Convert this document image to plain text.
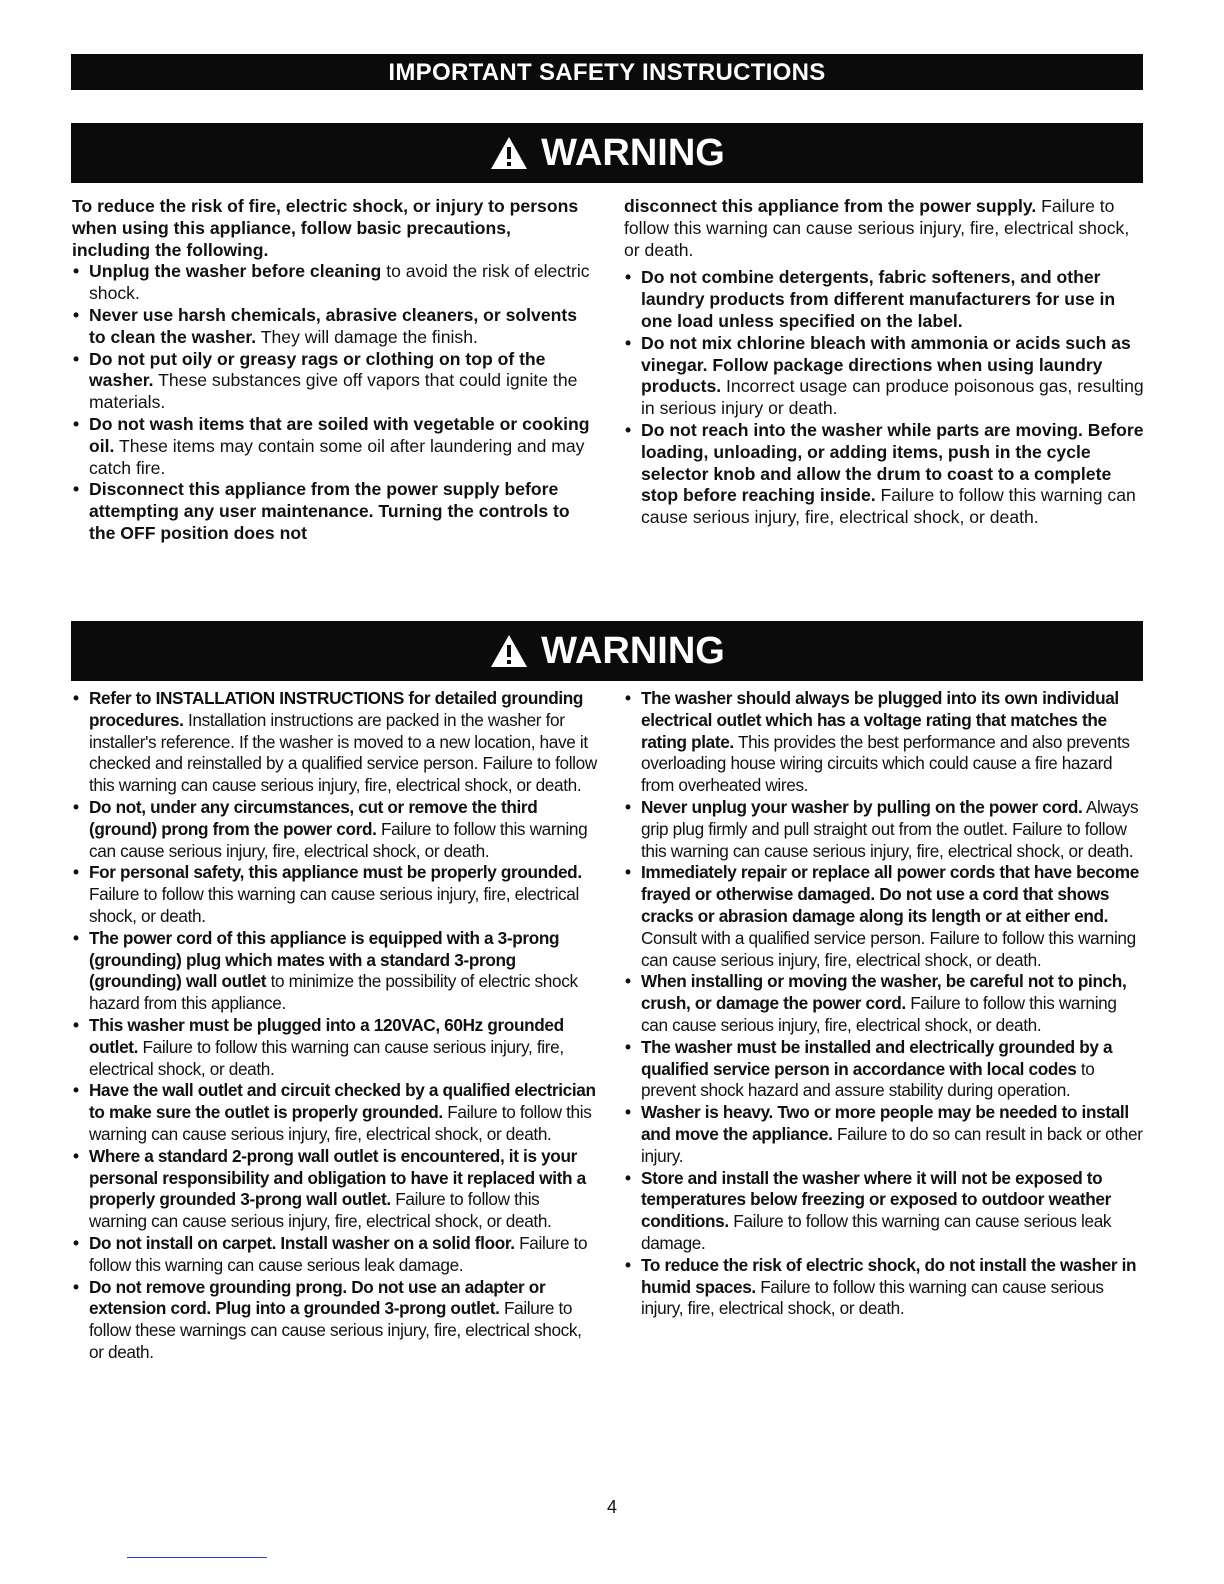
IMPORTANT SAFETY INSTRUCTIONS
WARNING

To reduce the risk of fire, electric shock, or injury to persons when using this appliance, follow basic precautions, including the following.

• Unplug the washer before cleaning to avoid the risk of electric shock.

• Never use harsh chemicals, abrasive cleaners, or solvents to clean the washer. They will damage the finish.

• Do not put oily or greasy rags or clothing on top of the washer. These substances give off vapors that could ignite the materials.

• Do not wash items that are soiled with vegetable or cooking oil. These items may contain some oil after laundering and may catch fire.

• Disconnect this appliance from the power supply before attempting any user maintenance. Turning the controls to the OFF position does not

disconnect this appliance from the power supply. Failure to follow this warning can cause serious injury, fire, electrical shock, or death.

• Do not combine detergents, fabric softeners, and other laundry products from different manufacturers for use in one load unless specified on the label.

• Do not mix chlorine bleach with ammonia or acids such as vinegar. Follow package directions when using laundry products. Incorrect usage can produce poisonous gas, resulting in serious injury or death.

• Do not reach into the washer while parts are moving. Before loading, unloading, or adding items, push in the cycle selector knob and allow the drum to coast to a complete stop before reaching inside. Failure to follow this warning can cause serious injury, fire, electrical shock, or death.

WARNING

• Refer to INSTALLATION INSTRUCTIONS for detailed grounding procedures. Installation instructions are packed in the washer for installer's reference. If the washer is moved to a new location, have it checked and reinstalled by a qualified service person. Failure to follow this warning can cause serious injury, fire, electrical shock, or death.

• Do not, under any circumstances, cut or remove the third (ground) prong from the power cord. Failure to follow this warning can cause serious injury, fire, electrical shock, or death.

• For personal safety, this appliance must be properly grounded. Failure to follow this warning can cause serious injury, fire, electrical shock, or death.

• The power cord of this appliance is equipped with a 3-prong (grounding) plug which mates with a standard 3-prong (grounding) wall outlet to minimize the possibility of electric shock hazard from this appliance.

• This washer must be plugged into a 120VAC, 60Hz grounded outlet. Failure to follow this warning can cause serious injury, fire, electrical shock, or death.

• Have the wall outlet and circuit checked by a qualified electrician to make sure the outlet is properly grounded. Failure to follow this warning can cause serious injury, fire, electrical shock, or death.

• Where a standard 2-prong wall outlet is encountered, it is your personal responsibility and obligation to have it replaced with a properly grounded 3-prong wall outlet. Failure to follow this warning can cause serious injury, fire, electrical shock, or death.

• Do not install on carpet. Install washer on a solid floor. Failure to follow this warning can cause serious leak damage.

• Do not remove grounding prong. Do not use an adapter or extension cord. Plug into a grounded 3-prong outlet. Failure to follow these warnings can cause serious injury, fire, electrical shock, or death.

• The washer should always be plugged into its own individual electrical outlet which has a voltage rating that matches the rating plate. This provides the best performance and also prevents overloading house wiring circuits which could cause a fire hazard from overheated wires.

• Never unplug your washer by pulling on the power cord. Always grip plug firmly and pull straight out from the outlet. Failure to follow this warning can cause serious injury, fire, electrical shock, or death.

• Immediately repair or replace all power cords that have become frayed or otherwise damaged. Do not use a cord that shows cracks or abrasion damage along its length or at either end. Consult with a qualified service person. Failure to follow this warning can cause serious injury, fire, electrical shock, or death.

• When installing or moving the washer, be careful not to pinch, crush, or damage the power cord. Failure to follow this warning can cause serious injury, fire, electrical shock, or death.

• The washer must be installed and electrically grounded by a qualified service person in accordance with local codes to prevent shock hazard and assure stability during operation.

• Washer is heavy. Two or more people may be needed to install and move the appliance. Failure to do so can result in back or other injury.

• Store and install the washer where it will not be exposed to temperatures below freezing or exposed to outdoor weather conditions. Failure to follow this warning can cause serious leak damage.

• To reduce the risk of electric shock, do not install the washer in humid spaces. Failure to follow this warning can cause serious injury, fire, electrical shock, or death.

4
